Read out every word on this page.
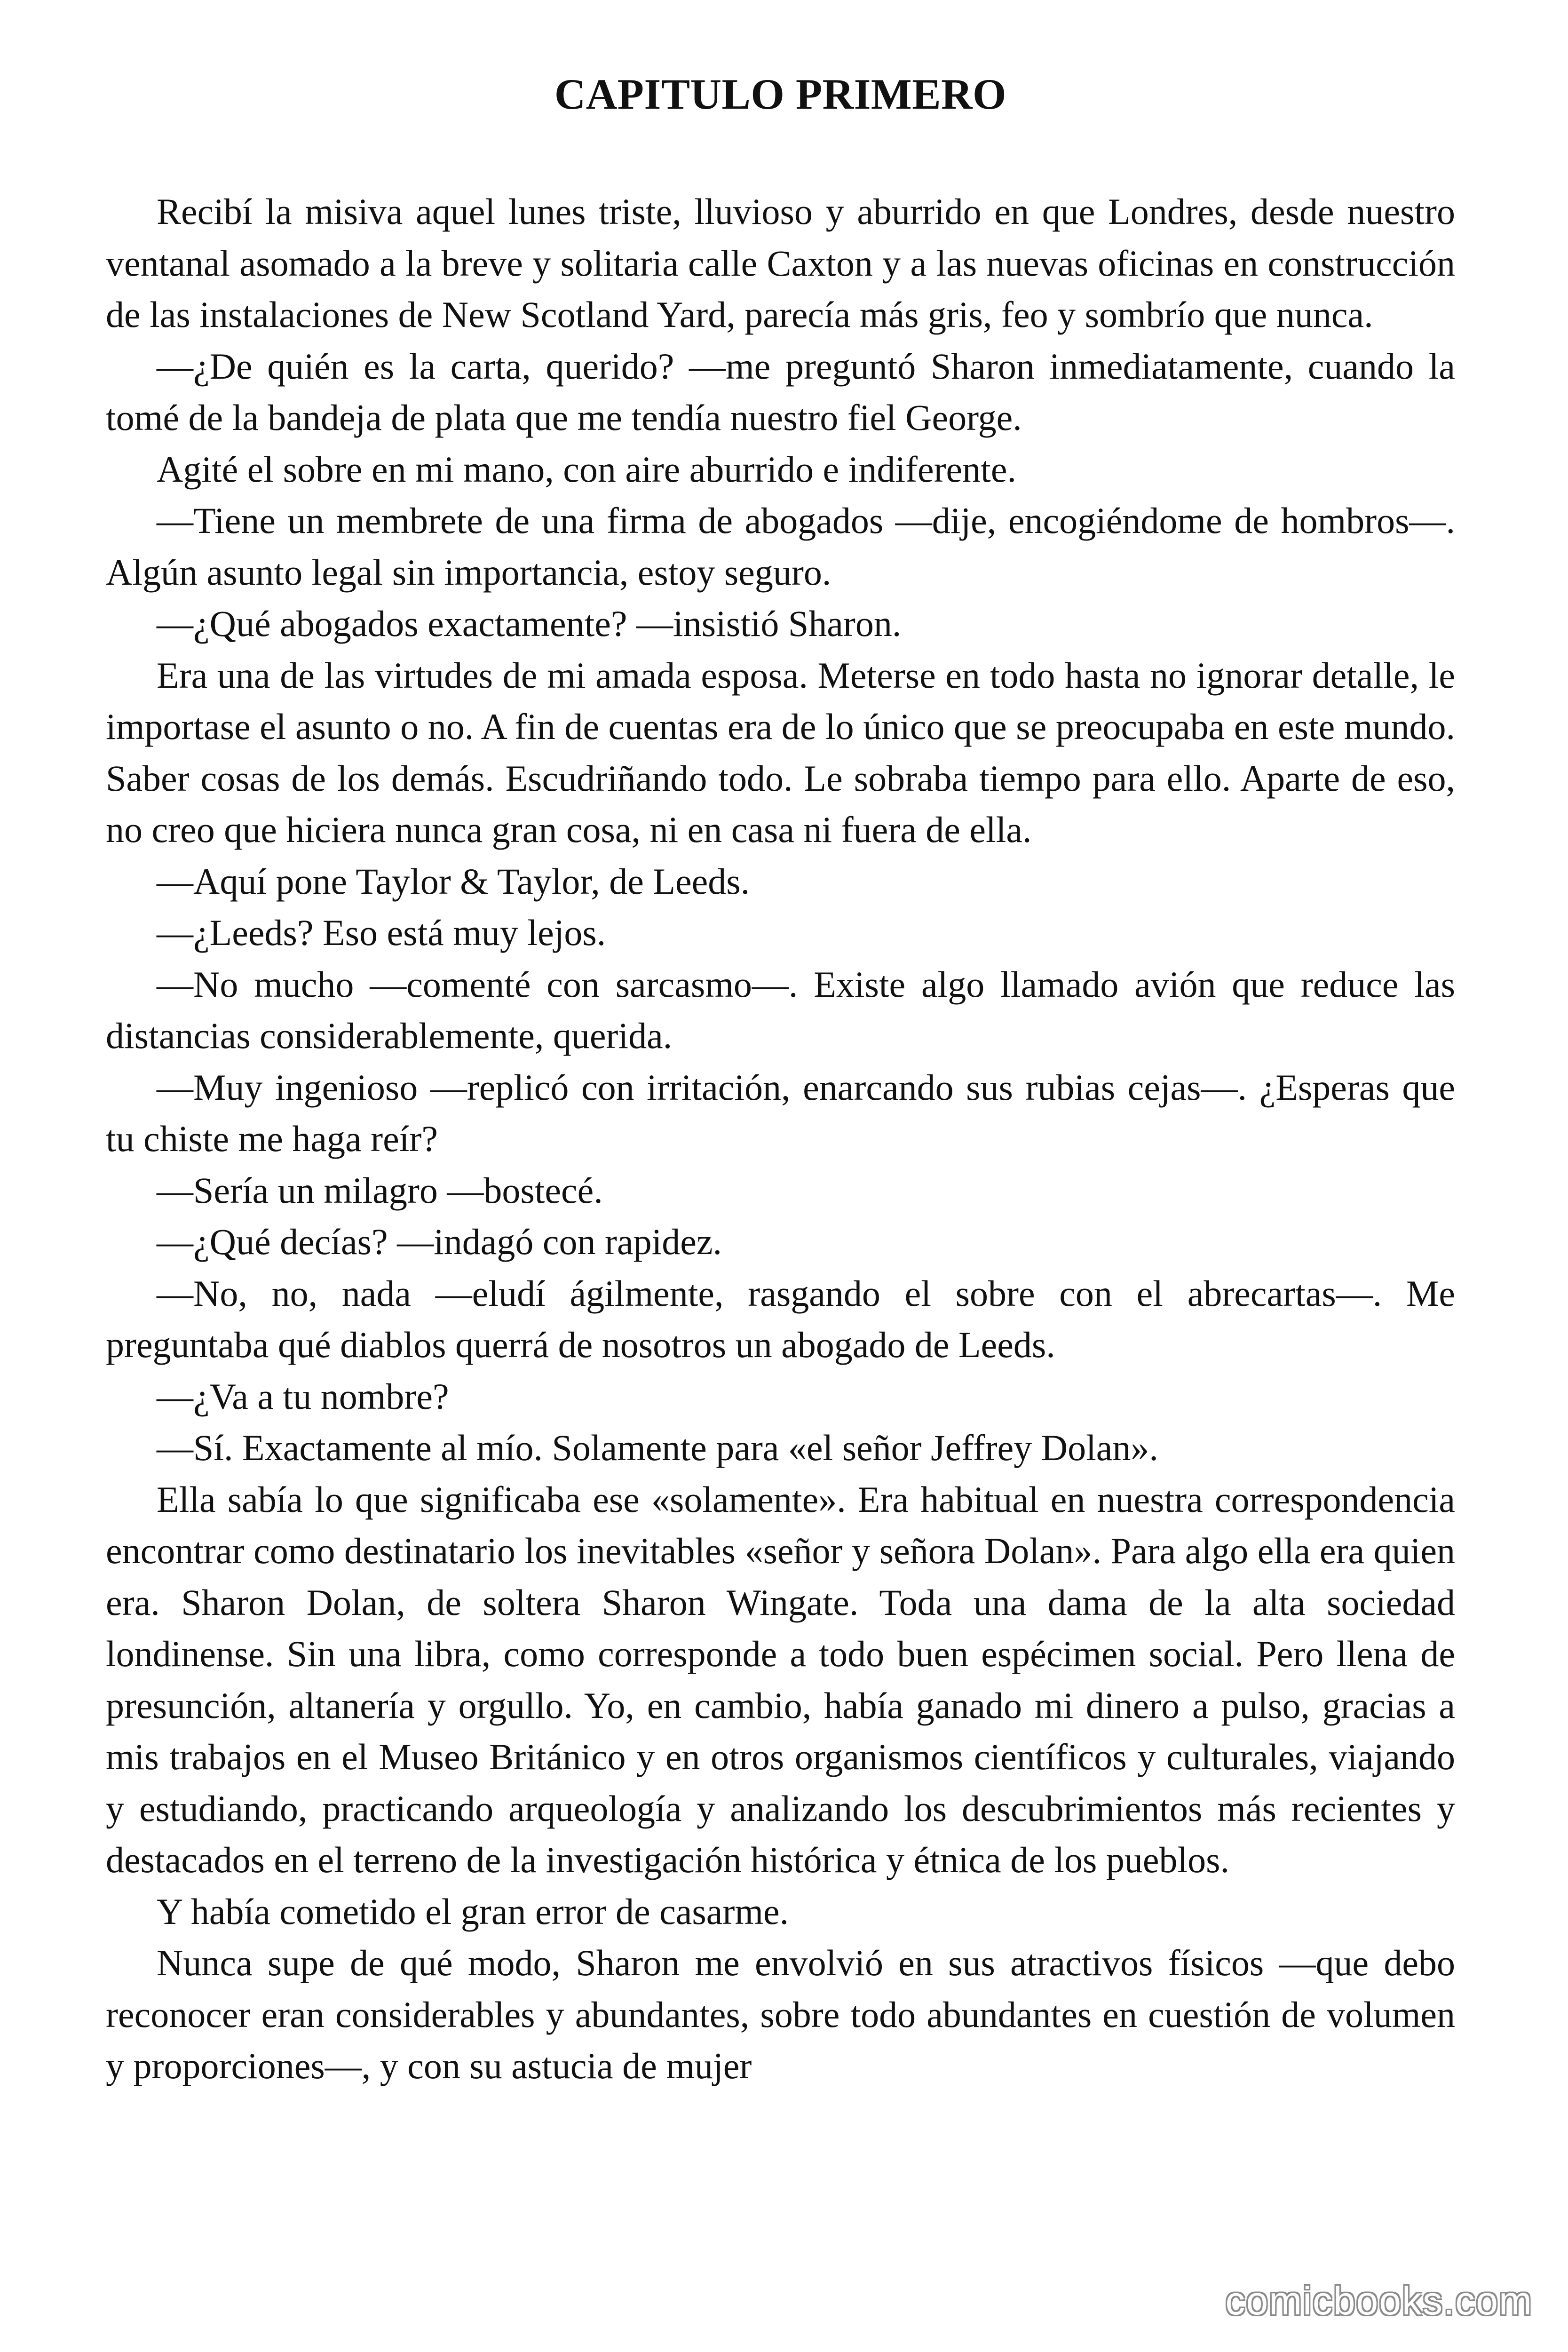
CAPITULO PRIMERO

Recibí la misiva aquel lunes triste, lluvioso y aburrido en que Londres, desde nuestro ventanal asomado a la breve y solitaria calle Caxton y a las nuevas oficinas en construcción de las instalaciones de New Scotland Yard, parecía más gris, feo y sombrío que nunca.

—¿De quién es la carta, querido? —me preguntó Sharon inmediatamente, cuando la tomé de la bandeja de plata que me tendía nuestro fiel George.

Agité el sobre en mi mano, con aire aburrido e indiferente.

—Tiene un membrete de una firma de abogados —dije, encogiéndome de hombros—. Algún asunto legal sin importancia, estoy seguro.

—¿Qué abogados exactamente? —insistió Sharon.

Era una de las virtudes de mi amada esposa. Meterse en todo hasta no ignorar detalle, le importase el asunto o no. A fin de cuentas era de lo único que se preocupaba en este mundo. Saber cosas de los demás. Escudriñando todo. Le sobraba tiempo para ello. Aparte de eso, no creo que hiciera nunca gran cosa, ni en casa ni fuera de ella.

—Aquí pone Taylor & Taylor, de Leeds.

—¿Leeds? Eso está muy lejos.

—No mucho —comenté con sarcasmo—. Existe algo llamado avión que reduce las distancias considerablemente, querida.

—Muy ingenioso —replicó con irritación, enarcando sus rubias cejas—. ¿Esperas que tu chiste me haga reír?

—Sería un milagro —bostecé.

—¿Qué decías? —indagó con rapidez.

—No, no, nada —eludí ágilmente, rasgando el sobre con el abrecartas—. Me preguntaba qué diablos querrá de nosotros un abogado de Leeds.

—¿Va a tu nombre?

—Sí. Exactamente al mío. Solamente para «el señor Jeffrey Dolan».

Ella sabía lo que significaba ese «solamente». Era habitual en nuestra correspondencia encontrar como destinatario los inevitables «señor y señora Dolan». Para algo ella era quien era. Sharon Dolan, de soltera Sharon Wingate. Toda una dama de la alta sociedad londinense. Sin una libra, como corresponde a todo buen espécimen social. Pero llena de presunción, altanería y orgullo. Yo, en cambio, había ganado mi dinero a pulso, gracias a mis trabajos en el Museo Británico y en otros organismos científicos y culturales, viajando y estudiando, practicando arqueología y analizando los descubrimientos más recientes y destacados en el terreno de la investigación histórica y étnica de los pueblos.

Y había cometido el gran error de casarme.

Nunca supe de qué modo, Sharon me envolvió en sus atractivos físicos —que debo reconocer eran considerables y abundantes, sobre todo abundantes en cuestión de volumen y proporciones—, y con su astucia de mujer

comicbooks.com
